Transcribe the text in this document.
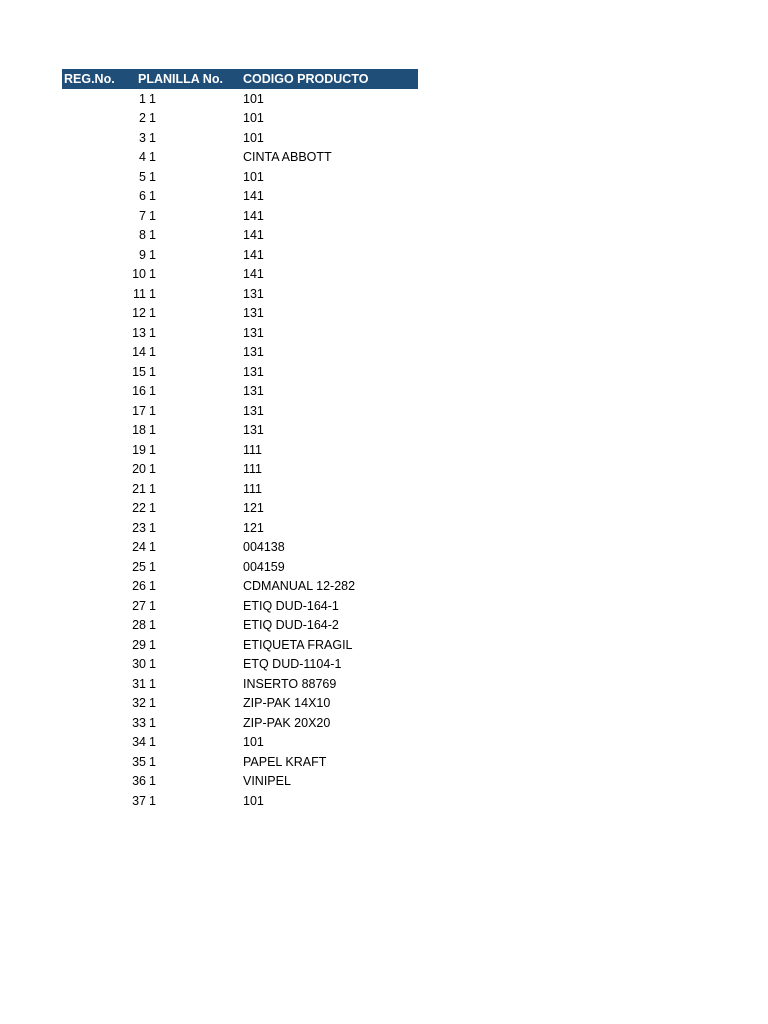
REG.No.	PLANILLA No.	CODIGO PRODUCTO
1 1	101
2 1	101
3 1	101
4 1	CINTA ABBOTT
5 1	101
6 1	141
7 1	141
8 1	141
9 1	141
10 1	141
11 1	131
12 1	131
13 1	131
14 1	131
15 1	131
16 1	131
17 1	131
18 1	131
19 1	111
20 1	111
21 1	111
22 1	121
23 1	121
24 1	004138
25 1	004159
26 1	CDMANUAL 12-282
27 1	ETIQ DUD-164-1
28 1	ETIQ DUD-164-2
29 1	ETIQUETA FRAGIL
30 1	ETQ DUD-1104-1
31 1	INSERTO 88769
32 1	ZIP-PAK 14X10
33 1	ZIP-PAK 20X20
34 1	101
35 1	PAPEL KRAFT
36 1	VINIPEL
37 1	101
